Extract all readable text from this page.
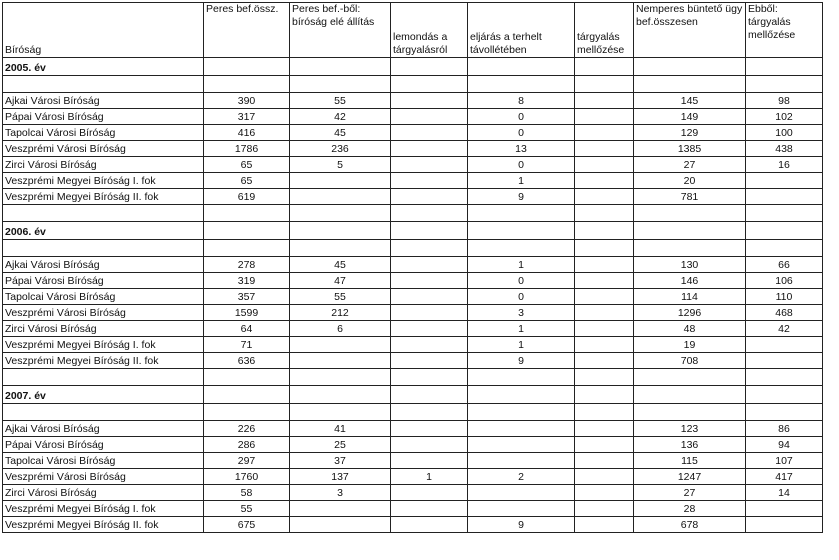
Bíróság	Peres bef.össz.	Peres bef.-ből: bíróság elé állítás	lemondás a tárgyalásról	eljárás a terhelt távollétében	tárgyalás mellőzése	Nemperes büntető ügy bef.összesen	Ebből: tárgyalás mellőzése
2005. év							

Ajkai Városi Bíróság	390	55		8		145	98
Pápai Városi Bíróság	317	42		0		149	102
Tapolcai Városi Bíróság	416	45		0		129	100
Veszprémi Városi Bíróság	1786	236		13		1385	438
Zirci Városi Bíróság	65	5		0		27	16
Veszprémi Megyei Bíróság I. fok	65			1		20	
Veszprémi Megyei Bíróság II. fok	619			9		781	

2006. év							

Ajkai Városi Bíróság	278	45		1		130	66
Pápai Városi Bíróság	319	47		0		146	106
Tapolcai Városi Bíróság	357	55		0		114	110
Veszprémi Városi Bíróság	1599	212		3		1296	468
Zirci Városi Bíróság	64	6		1		48	42
Veszprémi Megyei Bíróság I. fok	71			1		19	
Veszprémi Megyei Bíróság II. fok	636			9		708	

2007. év							

Ajkai Városi Bíróság	226	41				123	86
Pápai Városi Bíróság	286	25				136	94
Tapolcai Városi Bíróság	297	37				115	107
Veszprémi Városi Bíróság	1760	137	1	2		1247	417
Zirci Városi Bíróság	58	3				27	14
Veszprémi Megyei Bíróság I. fok	55					28	
Veszprémi Megyei Bíróság II. fok	675			9		678	
